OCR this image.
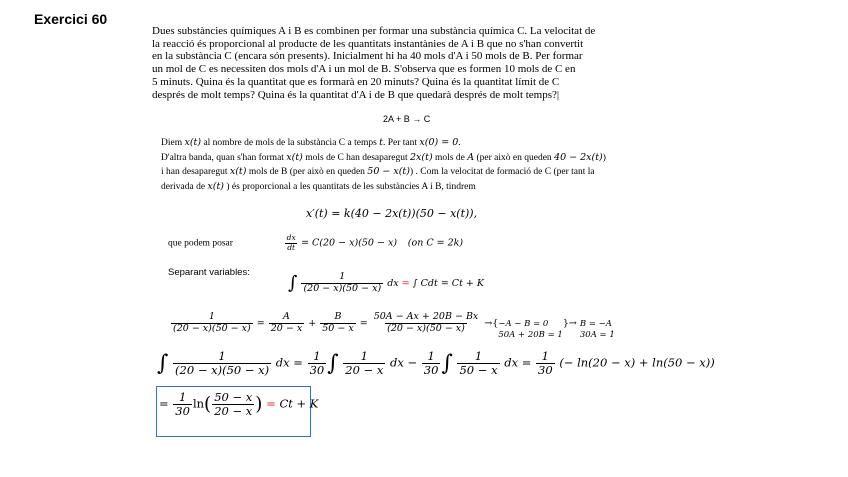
Exercici 60
Dues substàncies químiques A i B es combinen per formar una substància química C. La velocitat de
la reacció és proporcional al producte de les quantitats instantànies de A i B que no s'han convertit
en la substància C (encara són presents). Inicialment hi ha 40 mols d'A i 50 mols de B. Per formar
un mol de C es necessiten dos mols d'A i un mol de B. S'observa que es formen 10 mols de C en
5 minuts. Quina és la quantitat que es formarà en 20 minuts? Quina és la quantitat límit de C
després de molt temps? Quina és la quantitat d'A i de B que quedarà després de molt temps?|
2A + B → C
Diem x(t) al nombre de mols de la substància C a temps t. Per tant x(0) = 0.
D'altra banda, quan s'han format x(t) mols de C han desaparegut 2x(t) mols de A (per això en queden 40 − 2x(t))
i han desaparegut x(t) mols de B (per això en queden 50 − x(t)) . Com la velocitat de formació de C (per tant la
derivada de x(t) ) és proporcional a les quantitats de les substàncies A i B, tindrem
x′(t) = k(40 − 2x(t))(50 − x(t)),
que podem posar	$\frac{dx}{dt} = C(20 - x)(50 - x)$ (on C = 2k)
Separant variables: ∫ $\frac{1}{(20 - x)(50 - x)}$ dx = ∫ Cdt = Ct + K
$\frac{1}{(20 - x)(50 - x)} = \frac{A}{20 - x} + \frac{B}{50 - x} = \frac{50A - Ax + 20B - Bx}{(20 - x)(50 - x)}$ →{ −A − B = 0
50A + 20B = 1
}→ B = −A
30A = 1
∫ $\frac{1}{(20 - x)(50 - x)}$ dx = $\frac{1}{30}$ ∫ $\frac{1}{20 - x}$ dx − $\frac{1}{30}$ ∫ $\frac{1}{50 - x}$ dx = $\frac{1}{30}$ (− ln(20 − x) + ln(50 − x))
= $\frac{1}{30} \ln( \frac{50 - x}{20 - x}$ ) = Ct + K
